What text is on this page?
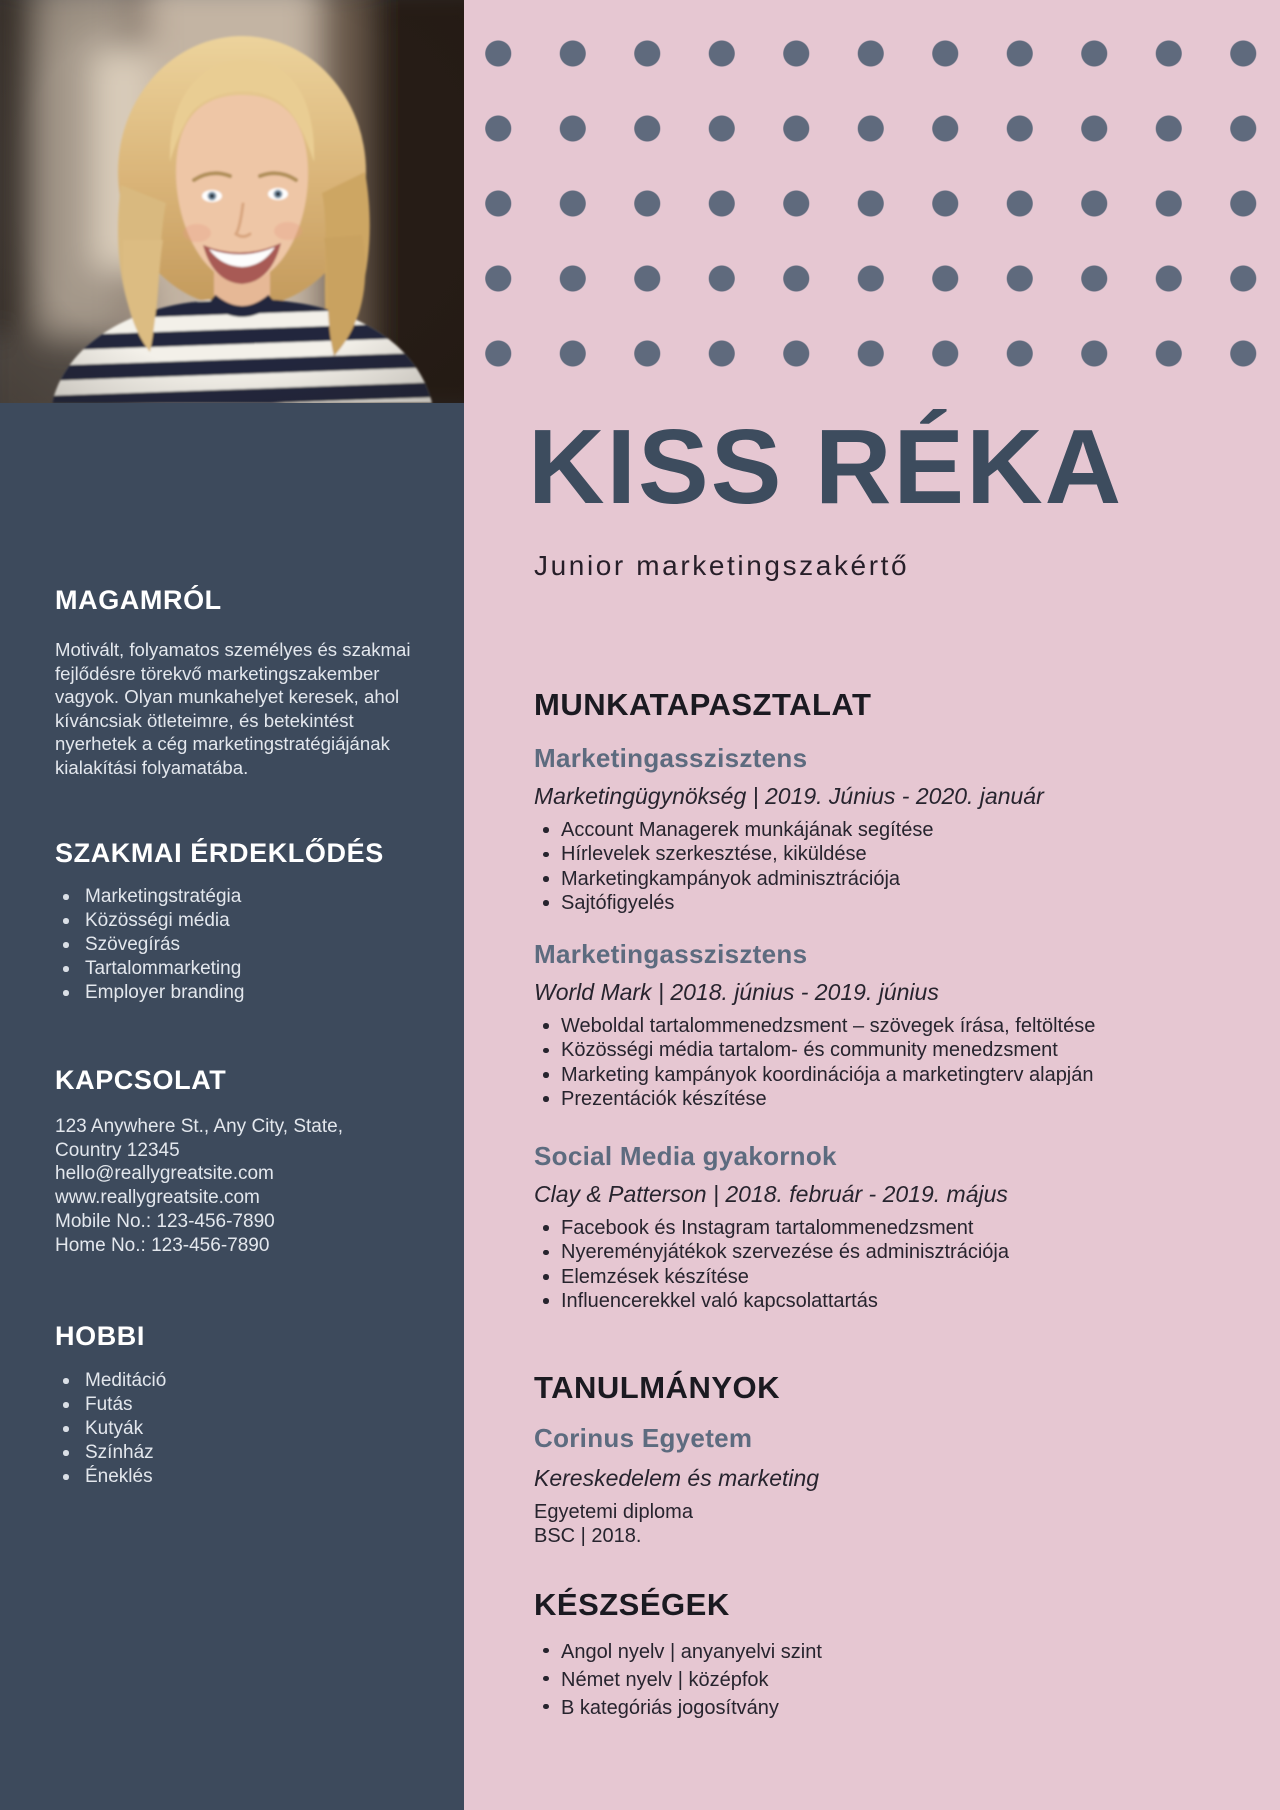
MAGAMRÓL

Motivált, folyamatos személyes és szakmai fejlődésre törekvő marketingszakember vagyok. Olyan munkahelyet keresek, ahol kíváncsiak ötleteimre, és betekintést nyerhetek a cég marketingstratégiájának kialakítási folyamatába.

SZAKMAI ÉRDEKLŐDÉS
Marketingstratégia
Közösségi média
Szövegírás
Tartalommarketing
Employer branding
KAPCSOLAT
123 Anywhere St., Any City, State,
Country 12345
hello@reallygreatsite.com
www.reallygreatsite.com
Mobile No.: 123-456-7890
Home No.: 123-456-7890
HOBBI
Meditáció
Futás
Kutyák
Színház
Éneklés
KISS RÉKA
Junior marketingszakértő
MUNKATAPASZTALAT
Marketingasszisztens

Marketingügynökség | 2019. Június - 2020. január

Account Managerek munkájának segítése
Hírlevelek szerkesztése, kiküldése
Marketingkampányok adminisztrációja
Sajtófigyelés
Marketingasszisztens

World Mark | 2018. június - 2019. június

Weboldal tartalommenedzsment – szövegek írása, feltöltése
Közösségi média tartalom- és community menedzsment
Marketing kampányok koordinációja a marketingterv alapján
Prezentációk készítése
Social Media gyakornok

Clay & Patterson | 2018. február - 2019. május

Facebook és Instagram tartalommenedzsment
Nyereményjátékok szervezése és adminisztrációja
Elemzések készítése
Influencerekkel való kapcsolattartás
TANULMÁNYOK
Corinus Egyetem

Kereskedelem és marketing

Egyetemi diploma
BSC | 2018.
KÉSZSÉGEK
Angol nyelv | anyanyelvi szint
Német nyelv | középfok
B kategóriás jogosítvány
